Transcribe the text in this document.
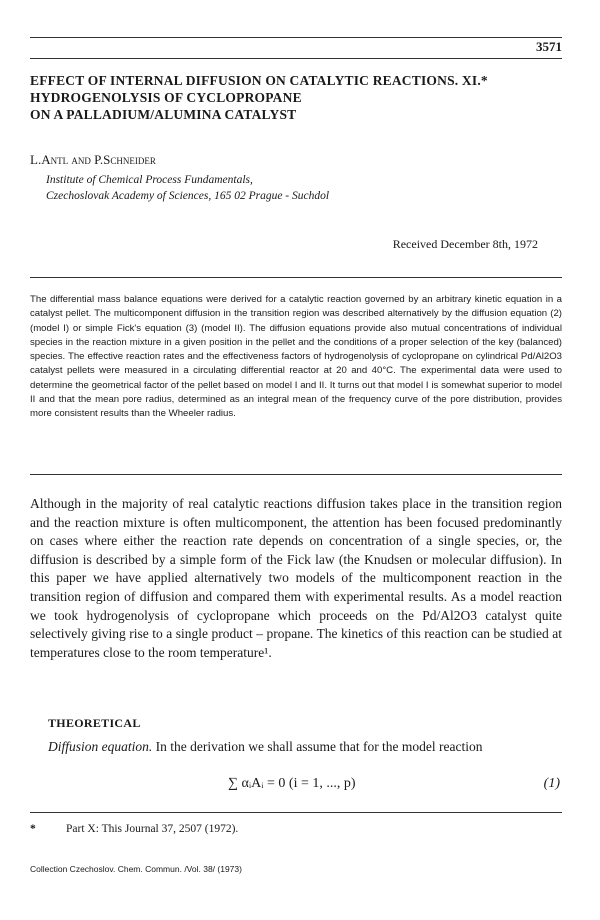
3571
EFFECT OF INTERNAL DIFFUSION ON CATALYTIC REACTIONS. XI.*
HYDROGENOLYSIS OF CYCLOPROPANE
ON A PALLADIUM/ALUMINA CATALYST
L.Antl and P.Schneider
Institute of Chemical Process Fundamentals,
Czechoslovak Academy of Sciences, 165 02 Prague - Suchdol
Received December 8th, 1972
The differential mass balance equations were derived for a catalytic reaction governed by an arbitrary kinetic equation in a catalyst pellet. The multicomponent diffusion in the transition region was described alternatively by the diffusion equation (2) (model I) or simple Fick's equation (3) (model II). The diffusion equations provide also mutual concentrations of individual species in the reaction mixture in a given position in the pellet and the conditions of a proper selection of the key (balanced) species. The effective reaction rates and the effectiveness factors of hydrogenolysis of cyclopropane on cylindrical Pd/Al2O3 catalyst pellets were measured in a circulating differential reactor at 20 and 40°C. The experimental data were used to determine the geometrical factor of the pellet based on model I and II. It turns out that model I is somewhat superior to model II and that the mean pore radius, determined as an integral mean of the frequency curve of the pore distribution, provides more consistent results than the Wheeler radius.
Although in the majority of real catalytic reactions diffusion takes place in the transition region and the reaction mixture is often multicomponent, the attention has been focused predominantly on cases where either the reaction rate depends on concentration of a single species, or, the diffusion is described by a simple form of the Fick law (the Knudsen or molecular diffusion). In this paper we have applied alternatively two models of the multicomponent reaction in the transition region of diffusion and compared them with experimental results. As a model reaction we took hydrogenolysis of cyclopropane which proceeds on the Pd/Al2O3 catalyst quite selectively giving rise to a single product – propane. The kinetics of this reaction can be studied at temperatures close to the room temperature¹.
THEORETICAL
Diffusion equation. In the derivation we shall assume that for the model reaction
∑ αᵢAᵢ = 0 (i = 1, ..., p)	(1)
*	Part X: This Journal 37, 2507 (1972).
Collection Czechoslov. Chem. Commun. /Vol. 38/ (1973)
